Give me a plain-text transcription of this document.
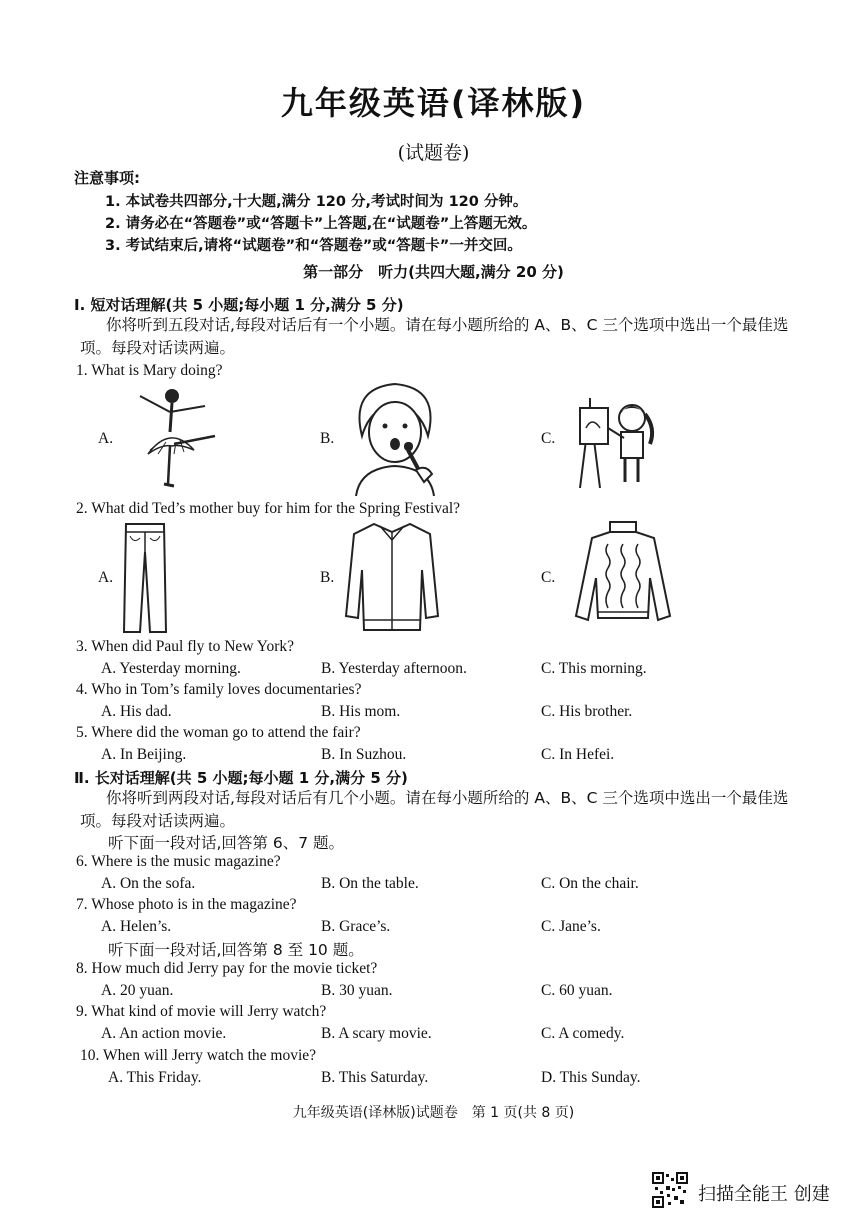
九年级英语(译林版)
(试题卷)
注意事项:
1. 本试卷共四部分,十大题,满分 120 分,考试时间为 120 分钟。
2. 请务必在“答题卷”或“答题卡”上答题,在“试题卷”上答题无效。
3. 考试结束后,请将“试题卷”和“答题卷”或“答题卡”一并交回。
第一部分　听力(共四大题,满分 20 分)
Ⅰ. 短对话理解(共 5 小题;每小题 1 分,满分 5 分)
你将听到五段对话,每段对话后有一个小题。请在每小题所给的 A、B、C 三个选项中选出一个最佳选项。每段对话读两遍。
1. What is Mary doing?
A.	B.	C.
2. What did Ted’s mother buy for him for the Spring Festival?
A.	B.	C.
3. When did Paul fly to New York?
A. Yesterday morning.	B. Yesterday afternoon.	C. This morning.
4. Who in Tom’s family loves documentaries?
A. His dad.	B. His mom.	C. His brother.
5. Where did the woman go to attend the fair?
A. In Beijing.	B. In Suzhou.	C. In Hefei.
Ⅱ. 长对话理解(共 5 小题;每小题 1 分,满分 5 分)
你将听到两段对话,每段对话后有几个小题。请在每小题所给的 A、B、C 三个选项中选出一个最佳选项。每段对话读两遍。
听下面一段对话,回答第 6、7 题。
6. Where is the music magazine?
A. On the sofa.	B. On the table.	C. On the chair.
7. Whose photo is in the magazine?
A. Helen’s.	B. Grace’s.	C. Jane’s.
听下面一段对话,回答第 8 至 10 题。
8. How much did Jerry pay for the movie ticket?
A. 20 yuan.	B. 30 yuan.	C. 60 yuan.
9. What kind of movie will Jerry watch?
A. An action movie.	B. A scary movie.	C. A comedy.
10. When will Jerry watch the movie?
A. This Friday.	B. This Saturday.	D. This Sunday.
九年级英语(译林版)试题卷　第 1 页(共 8 页)
扫描全能王 创建
